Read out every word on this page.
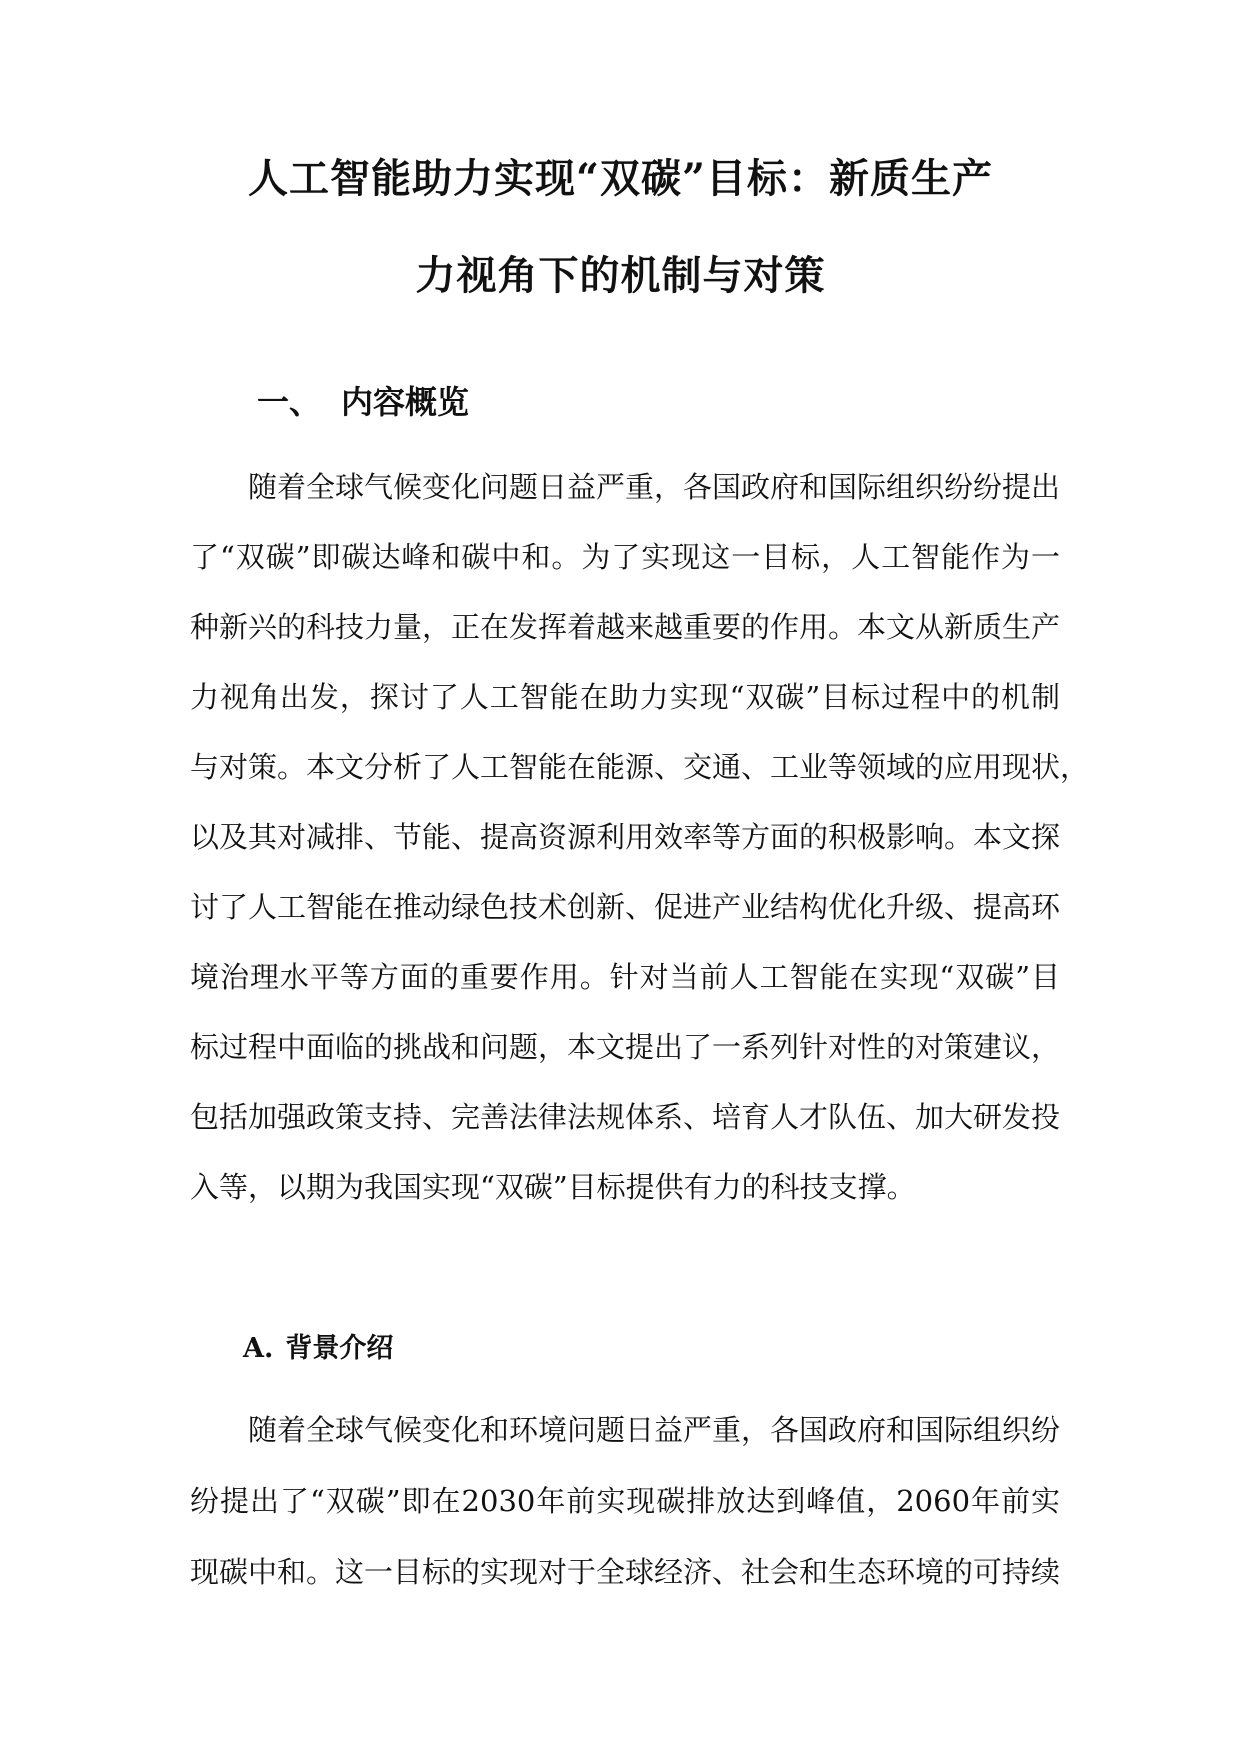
人工智能助力实现“双碳”目标：新质生产
力视角下的机制与对策
一、 内容概览
随着全球气候变化问题日益严重，各国政府和国际组织纷纷提出
了“双碳”即碳达峰和碳中和。为了实现这一目标，人工智能作为一
种新兴的科技力量，正在发挥着越来越重要的作用。本文从新质生产
力视角出发，探讨了人工智能在助力实现“双碳”目标过程中的机制
与对策。本文分析了人工智能在能源、交通、工业等领域的应用现状，
以及其对减排、节能、提高资源利用效率等方面的积极影响。本文探
讨了人工智能在推动绿色技术创新、促进产业结构优化升级、提高环
境治理水平等方面的重要作用。针对当前人工智能在实现“双碳”目
标过程中面临的挑战和问题，本文提出了一系列针对性的对策建议，
包括加强政策支持、完善法律法规体系、培育人才队伍、加大研发投
入等，以期为我国实现“双碳”目标提供有力的科技支撑。
A. 背景介绍
随着全球气候变化和环境问题日益严重，各国政府和国际组织纷
纷提出了“双碳”即在2030年前实现碳排放达到峰值，2060年前实
现碳中和。这一目标的实现对于全球经济、社会和生态环境的可持续
